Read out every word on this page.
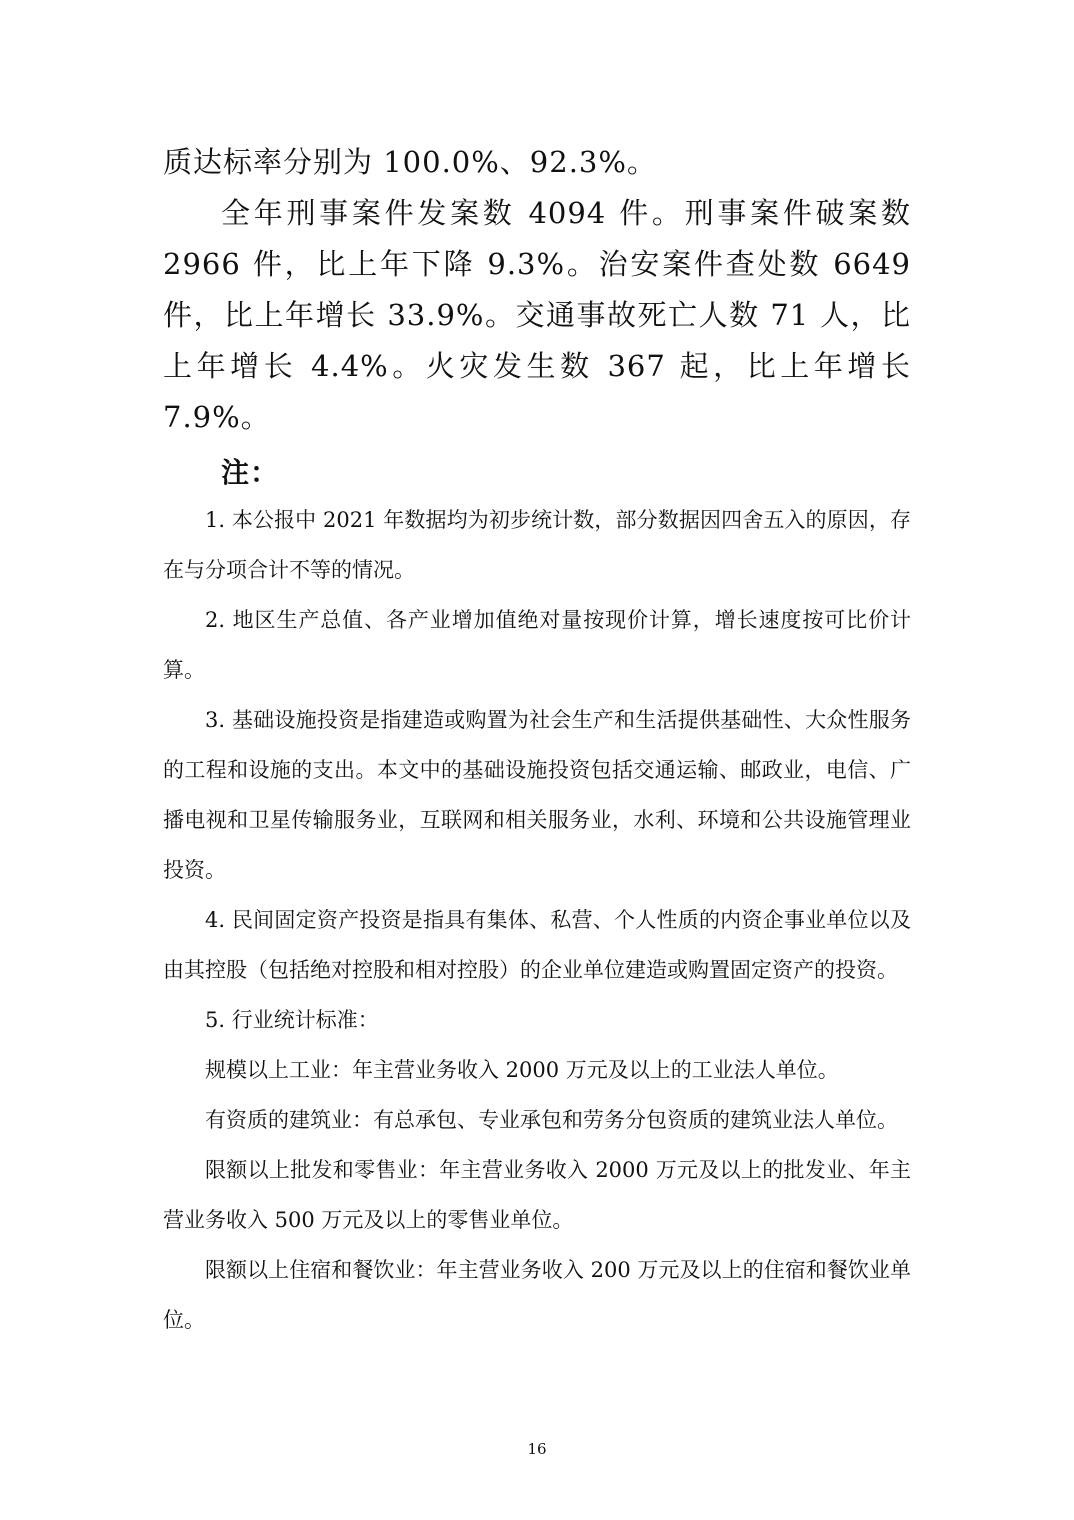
质达标率分别为 100.0%、92.3%。

全年刑事案件发案数 4094 件。刑事案件破案数 2966 件，比上年下降 9.3%。治安案件查处数 6649 件，比上年增长 33.9%。交通事故死亡人数 71 人，比上年增长 4.4%。火灾发生数 367 起，比上年增长 7.9%。

注：

1. 本公报中 2021 年数据均为初步统计数，部分数据因四舍五入的原因，存在与分项合计不等的情况。

2. 地区生产总值、各产业增加值绝对量按现价计算，增长速度按可比价计算。

3. 基础设施投资是指建造或购置为社会生产和生活提供基础性、大众性服务的工程和设施的支出。本文中的基础设施投资包括交通运输、邮政业，电信、广播电视和卫星传输服务业，互联网和相关服务业，水利、环境和公共设施管理业投资。

4. 民间固定资产投资是指具有集体、私营、个人性质的内资企事业单位以及由其控股（包括绝对控股和相对控股）的企业单位建造或购置固定资产的投资。

5. 行业统计标准：

规模以上工业：年主营业务收入 2000 万元及以上的工业法人单位。

有资质的建筑业：有总承包、专业承包和劳务分包资质的建筑业法人单位。

限额以上批发和零售业：年主营业务收入 2000 万元及以上的批发业、年主营业务收入 500 万元及以上的零售业单位。

限额以上住宿和餐饮业：年主营业务收入 200 万元及以上的住宿和餐饮业单位。

16
